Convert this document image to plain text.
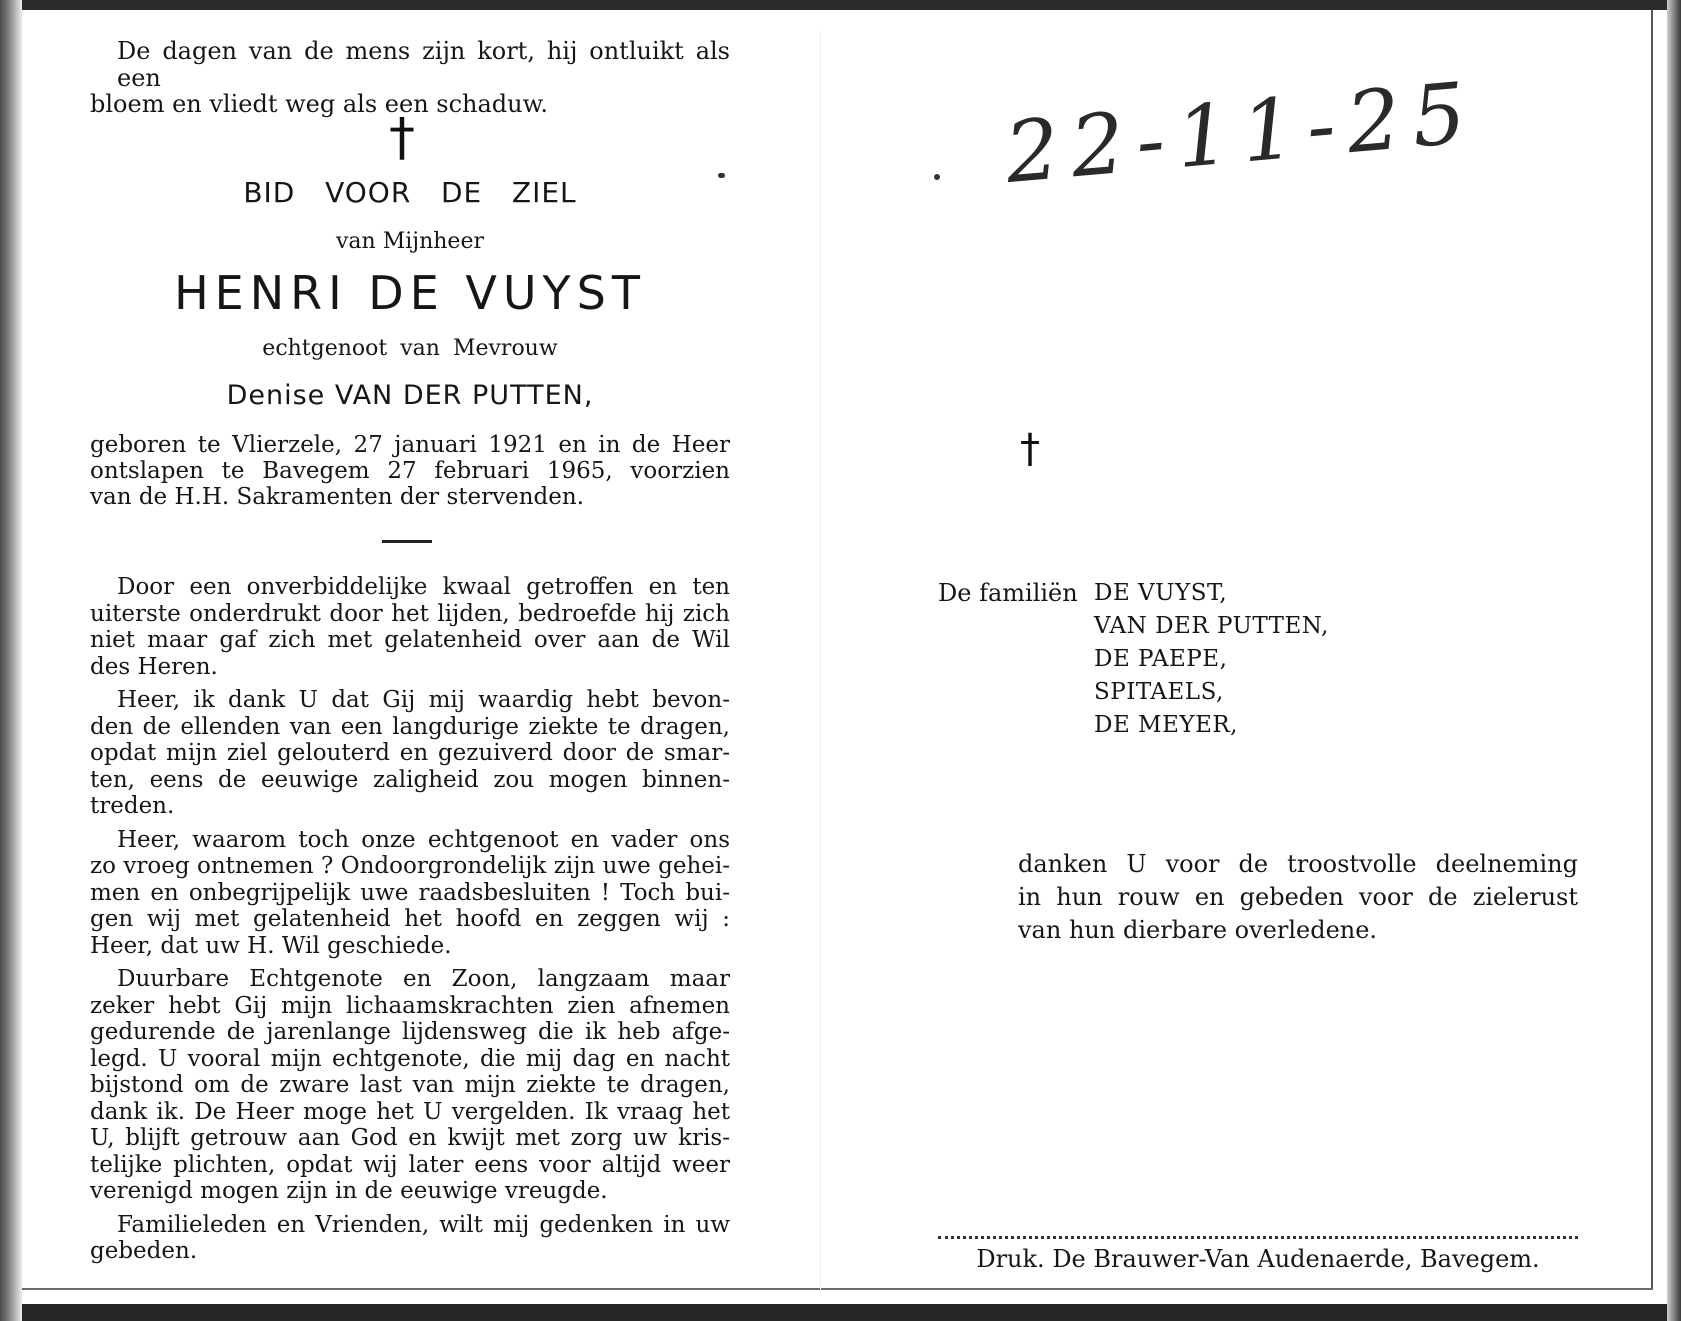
De dagen van de mens zijn kort, hij ontluikt als een
bloem en vliedt weg als een schaduw.
†
BID   VOOR   DE   ZIEL
van Mijnheer
HENRI DE VUYST
echtgenoot van Mevrouw
Denise VAN DER PUTTEN,
geboren te Vlierzele, 27 januari 1921 en in de Heer
ontslapen te Bavegem 27 februari 1965, voorzien
van de H.H. Sakramenten der stervenden.
Door een onverbiddelijke kwaal getroffen en ten
uiterste onderdrukt door het lijden, bedroefde hij zich
niet maar gaf zich met gelatenheid over aan de Wil
des Heren.
Heer, ik dank U dat Gij mij waardig hebt bevon-
den de ellenden van een langdurige ziekte te dragen,
opdat mijn ziel gelouterd en gezuiverd door de smar-
ten, eens de eeuwige zaligheid zou mogen binnen-
treden.
Heer, waarom toch onze echtgenoot en vader ons
zo vroeg ontnemen ? Ondoorgrondelijk zijn uwe gehei-
men en onbegrijpelijk uwe raadsbesluiten ! Toch bui-
gen wij met gelatenheid het hoofd en zeggen wij :
Heer, dat uw H. Wil geschiede.
Duurbare Echtgenote en Zoon, langzaam maar
zeker hebt Gij mijn lichaamskrachten zien afnemen
gedurende de jarenlange lijdensweg die ik heb afge-
legd. U vooral mijn echtgenote, die mij dag en nacht
bijstond om de zware last van mijn ziekte te dragen,
dank ik. De Heer moge het U vergelden. Ik vraag het
U, blijft getrouw aan God en kwijt met zorg uw kris-
telijke plichten, opdat wij later eens voor altijd weer
verenigd mogen zijn in de eeuwige vreugde.
Familieleden en Vrienden, wilt mij gedenken in uw
gebeden.
22-11-25
†
De familiën DE VUYST,
VAN DER PUTTEN,
DE PAEPE,
SPITAELS,
DE MEYER,
danken U voor de troostvolle deelneming
in hun rouw en gebeden voor de zielerust
van hun dierbare overledene.
Druk. De Brauwer-Van Audenaerde, Bavegem.
